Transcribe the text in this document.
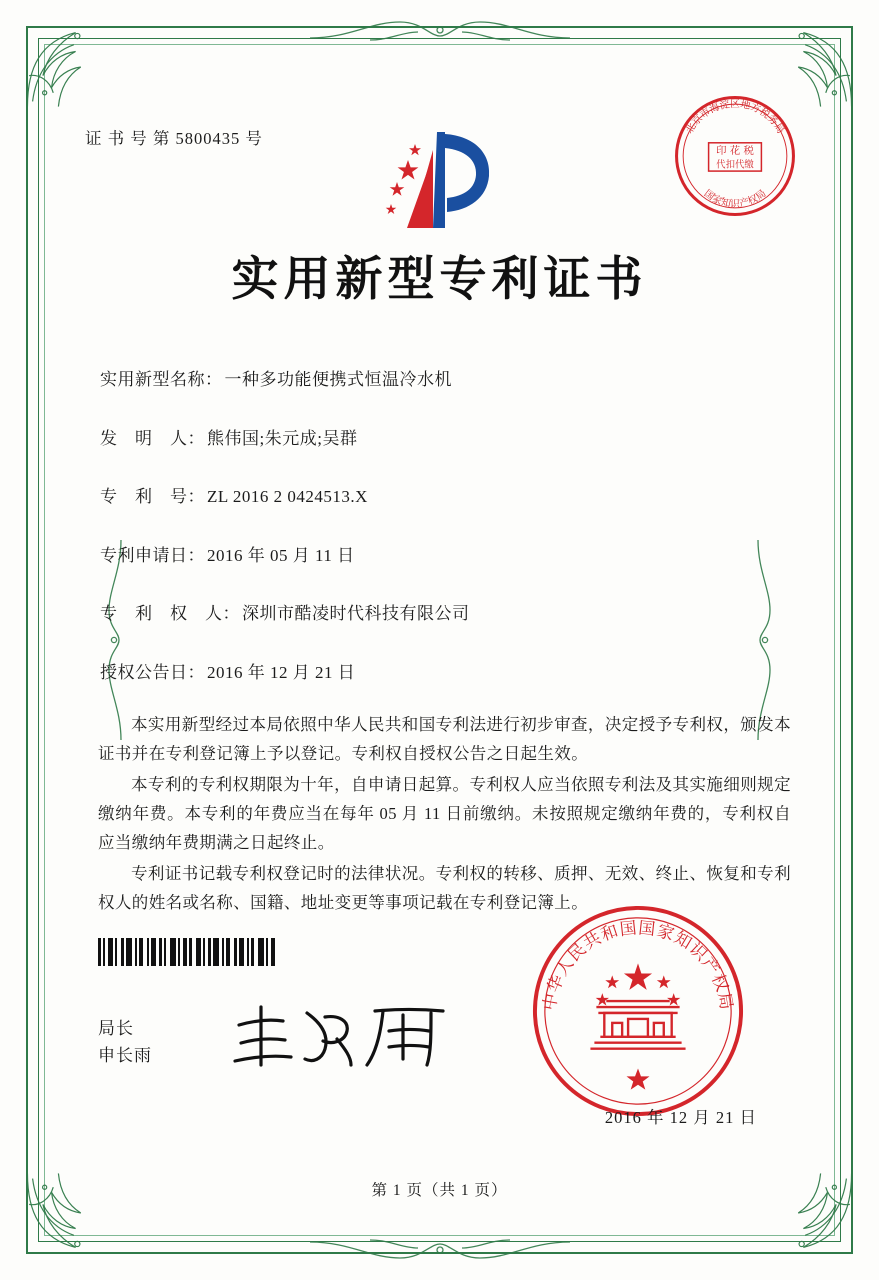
证 书 号 第 5800435 号
印 花 税
代扣代缴
北京市海淀区地方税务局
国家知识产权局
实用新型专利证书
实用新型名称： 一种多功能便携式恒温冷水机
发　明　人： 熊伟国;朱元成;吴群
专　利　号： ZL 2016 2 0424513.X
专利申请日： 2016 年 05 月 11 日
专　利　权　人： 深圳市酷凌时代科技有限公司
授权公告日： 2016 年 12 月 21 日

本实用新型经过本局依照中华人民共和国专利法进行初步审查，决定授予专利权，颁发本证书并在专利登记簿上予以登记。专利权自授权公告之日起生效。

本专利的专利权期限为十年，自申请日起算。专利权人应当依照专利法及其实施细则规定缴纳年费。本专利的年费应当在每年 05 月 11 日前缴纳。未按照规定缴纳年费的，专利权自应当缴纳年费期满之日起终止。

专利证书记载专利权登记时的法律状况。专利权的转移、质押、无效、终止、恢复和专利权人的姓名或名称、国籍、地址变更等事项记载在专利登记簿上。

局长
申长雨
中华人民共和国国家知识产权局
2016 年 12 月 21 日
第 1 页（共 1 页）
